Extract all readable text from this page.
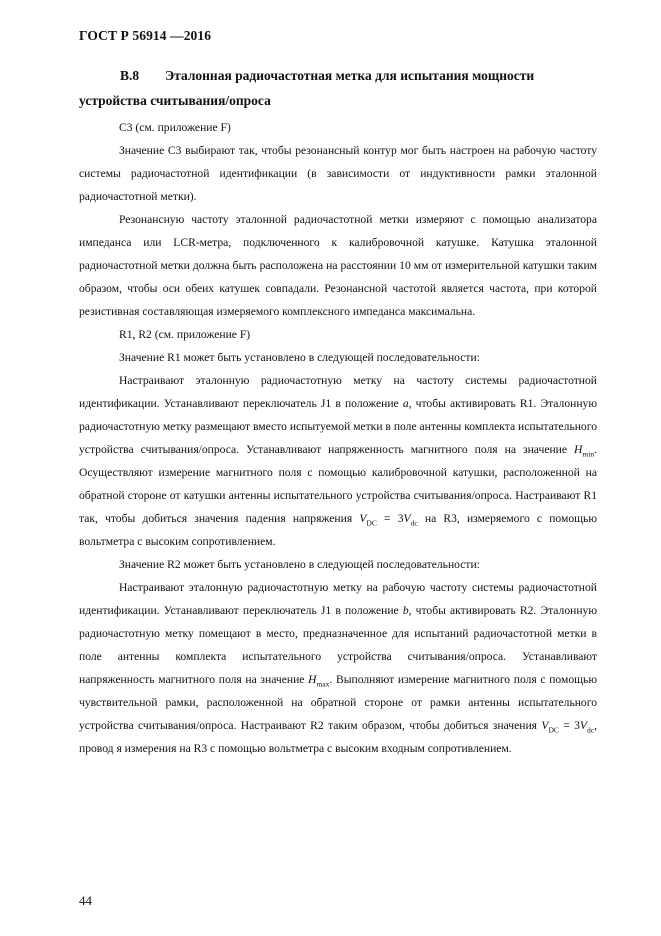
ГОСТ Р 56914 —2016
В.8 Эталонная радиочастотная метка для испытания мощности устройства считывания/опроса

С3 (см. приложение F)

Значение С3 выбирают так, чтобы резонансный контур мог быть настроен на рабочую частоту системы радиочастотной идентификации (в зависимости от индуктивности рамки эталонной радиочастотной метки).

Резонансную частоту эталонной радиочастотной метки измеряют с помощью анализатора импеданса или LCR-метра, подключенного к калибровочной катушке. Катушка эталонной радиочастотной метки должна быть расположена на расстоянии 10 мм от измерительной катушки таким образом, чтобы оси обеих катушек совпадали. Резонансной частотой является частота, при которой резистивная составляющая измеряемого комплексного импеданса максимальна.

R1, R2 (см. приложение F)

Значение R1 может быть установлено в следующей последовательности:

Настраивают эталонную радиочастотную метку на частоту системы радиочастотной идентификации. Устанавливают переключатель J1 в положение a, чтобы активировать R1. Эталонную радиочастотную метку размещают вместо испытуемой метки в поле антенны комплекта испытательного устройства считывания/опроса. Устанавливают напряженность магнитного поля на значение $H_{min}$. Осуществляют измерение магнитного поля с помощью калибровочной катушки, расположенной на обратной стороне от катушки антенны испытательного устройства считывания/опроса. Настраивают R1 так, чтобы добиться значения падения напряжения $V_{DC} = 3V_{dc}$ на R3, измеряемого с помощью вольтметра с высоким сопротивлением.

Значение R2 может быть установлено в следующей последовательности:

Настраивают эталонную радиочастотную метку на рабочую частоту системы радиочастотной идентификации. Устанавливают переключатель J1 в положение b, чтобы активировать R2. Эталонную радиочастотную метку помещают в место, предназначенное для испытаний радиочастотной метки в поле антенны комплекта испытательного устройства считывания/опроса. Устанавливают напряженность магнитного поля на значение $H_{max}$. Выполняют измерение магнитного поля с помощью чувствительной рамки, расположенной на обратной стороне от рамки антенны испытательного устройства считывания/опроса. Настраивают R2 таким образом, чтобы добиться значения $V_{DC} = 3V_{dc}$, провод я измерения на R3 с помощью вольтметра с высоким входным сопротивлением.

44
